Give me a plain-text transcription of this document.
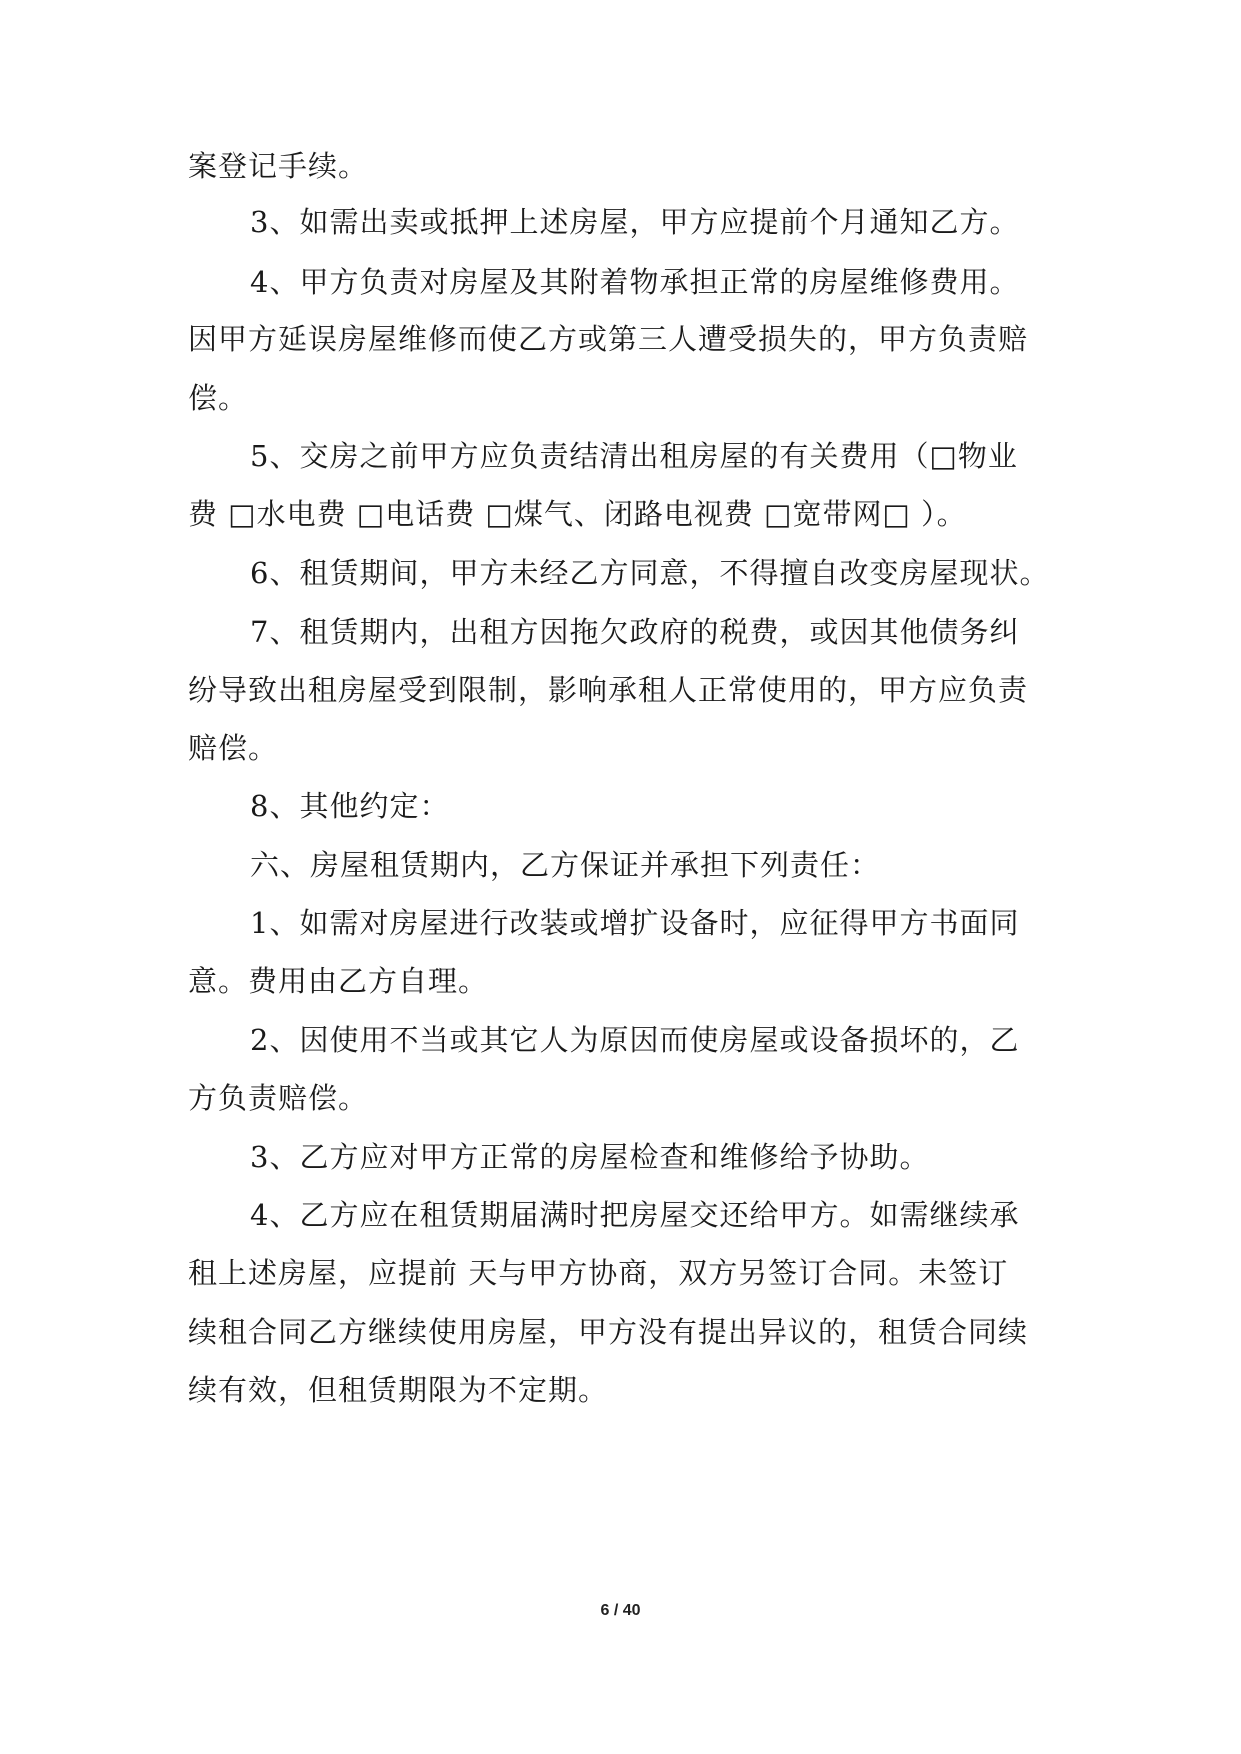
案登记手续。
3、如需出卖或抵押上述房屋，甲方应提前个月通知乙方。
4、甲方负责对房屋及其附着物承担正常的房屋维修费用。
因甲方延误房屋维修而使乙方或第三人遭受损失的，甲方负责赔
偿。
5、交房之前甲方应负责结清出租房屋的有关费用（□物业
费 □水电费 □电话费 □煤气、闭路电视费 □宽带网□ ）。
6、租赁期间，甲方未经乙方同意，不得擅自改变房屋现状。
7、租赁期内，出租方因拖欠政府的税费，或因其他债务纠
纷导致出租房屋受到限制，影响承租人正常使用的，甲方应负责
赔偿。
8、其他约定：
六、房屋租赁期内，乙方保证并承担下列责任：
1、如需对房屋进行改装或增扩设备时，应征得甲方书面同
意。费用由乙方自理。
2、因使用不当或其它人为原因而使房屋或设备损坏的，乙
方负责赔偿。
3、乙方应对甲方正常的房屋检查和维修给予协助。
4、乙方应在租赁期届满时把房屋交还给甲方。如需继续承
租上述房屋，应提前 天与甲方协商，双方另签订合同。未签订
续租合同乙方继续使用房屋，甲方没有提出异议的，租赁合同续
续有效，但租赁期限为不定期。
6 / 40
